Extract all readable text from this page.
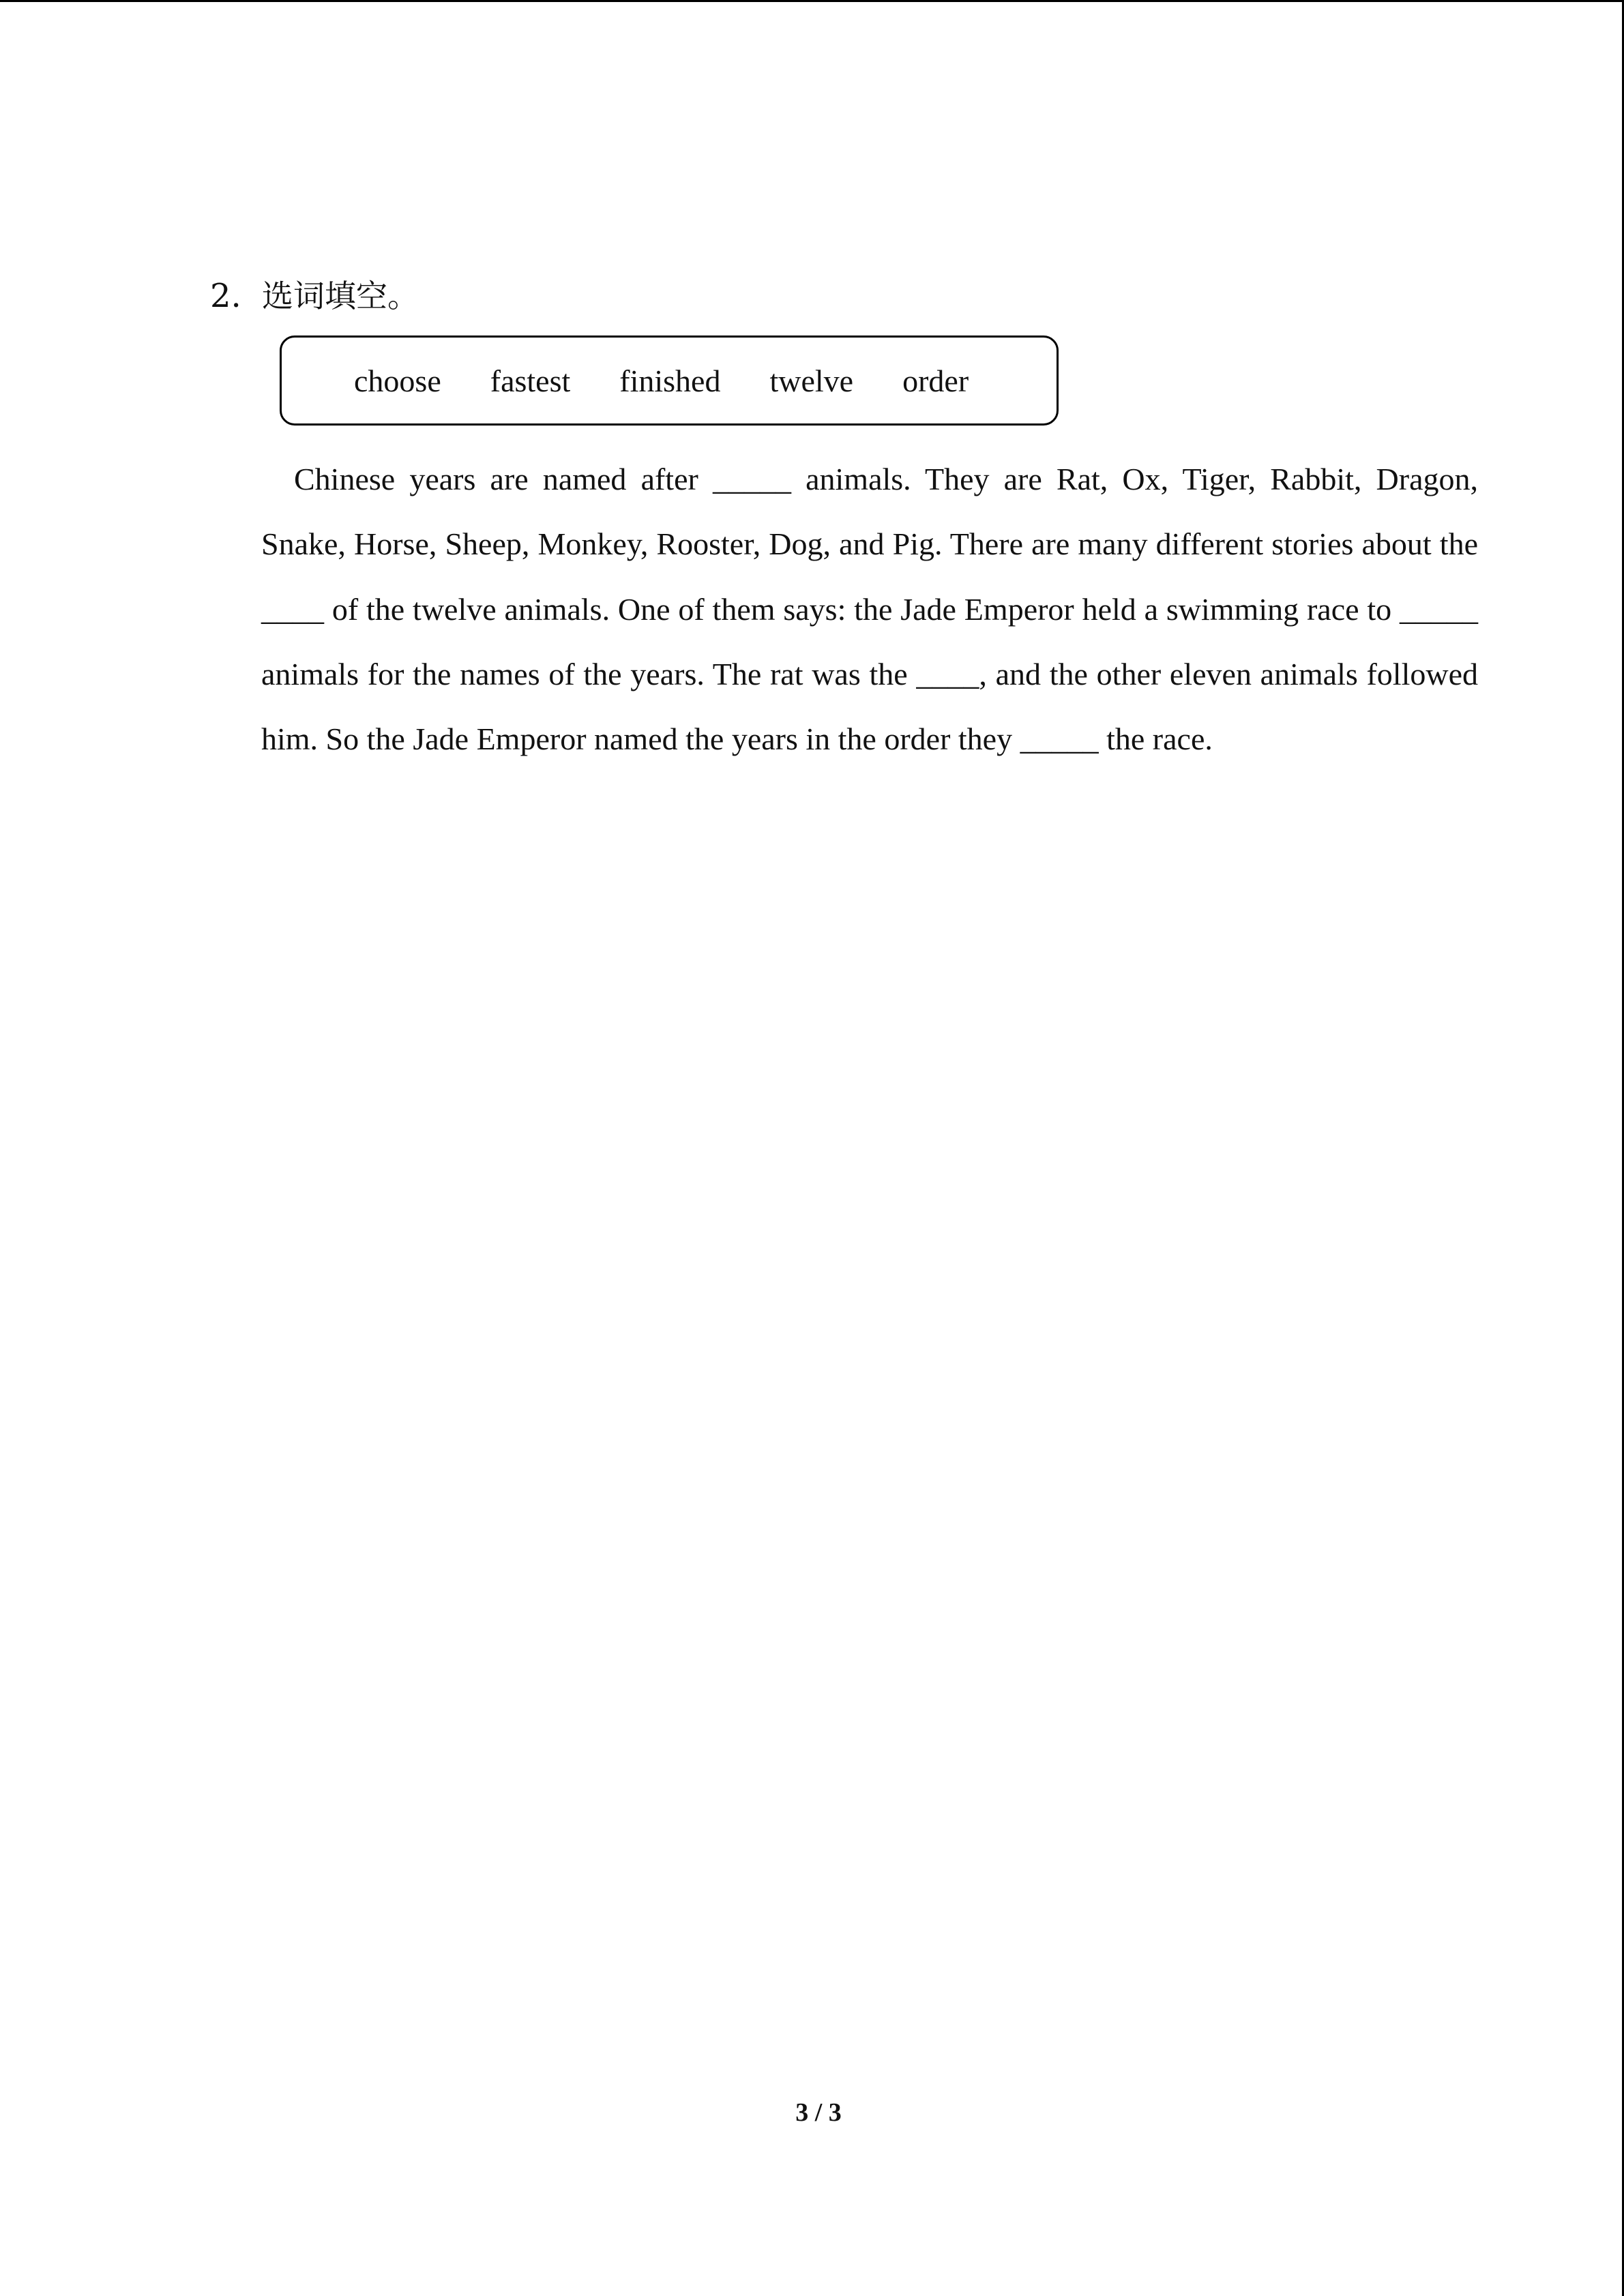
2. 选词填空。
choose fastest finished twelve order

Chinese years are named after _____ animals. They are Rat, Ox, Tiger, Rabbit, Dragon, Snake, Horse, Sheep, Monkey, Rooster, Dog, and Pig. There are many different stories about the ____ of the twelve animals. One of them says: the Jade Emperor held a swimming race to _____ animals for the names of the years. The rat was the ____, and the other eleven animals followed him. So the Jade Emperor named the years in the order they _____ the race.

3 / 3
